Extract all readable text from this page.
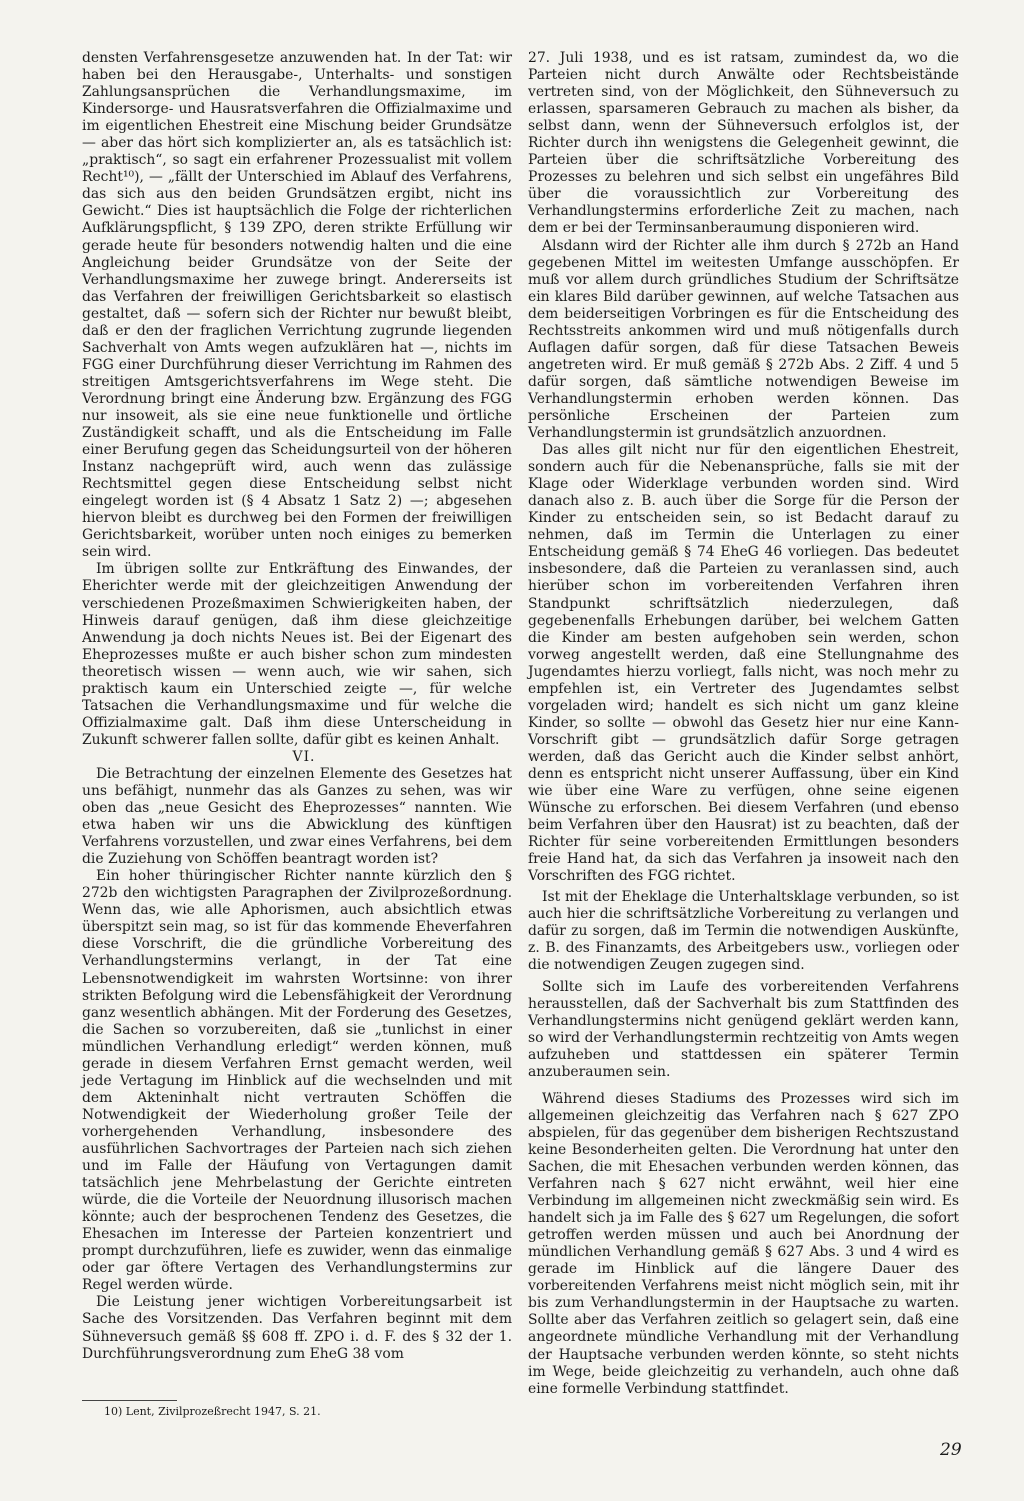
densten Verfahrensgesetze anzuwenden hat. In der Tat: wir haben bei den Herausgabe-, Unterhalts- und sonstigen Zahlungsansprüchen die Verhandlungsmaxime, im Kindersorge- und Hausratsverfahren die Offizialmaxime und im eigentlichen Ehestreit eine Mischung beider Grundsätze — aber das hört sich komplizierter an, als es tatsächlich ist: „praktisch“, so sagt ein erfahrener Prozessualist mit vollem Recht¹⁰), — „fällt der Unterschied im Ablauf des Verfahrens, das sich aus den beiden Grundsätzen ergibt, nicht ins Gewicht.“ Dies ist hauptsächlich die Folge der richterlichen Aufklärungspflicht, § 139 ZPO, deren strikte Erfüllung wir gerade heute für besonders notwendig halten und die eine Angleichung beider Grundsätze von der Seite der Verhandlungsmaxime her zuwege bringt. Andererseits ist das Verfahren der freiwilligen Gerichtsbarkeit so elastisch gestaltet, daß — sofern sich der Richter nur bewußt bleibt, daß er den der fraglichen Verrichtung zugrunde liegenden Sachverhalt von Amts wegen aufzuklären hat —, nichts im FGG einer Durchführung dieser Verrichtung im Rahmen des streitigen Amtsgerichtsverfahrens im Wege steht. Die Verordnung bringt eine Änderung bzw. Ergänzung des FGG nur insoweit, als sie eine neue funktionelle und örtliche Zuständigkeit schafft, und als die Entscheidung im Falle einer Berufung gegen das Scheidungsurteil von der höheren Instanz nachgeprüft wird, auch wenn das zulässige Rechtsmittel gegen diese Entscheidung selbst nicht eingelegt worden ist (§ 4 Absatz 1 Satz 2) —; abgesehen hiervon bleibt es durchweg bei den Formen der freiwilligen Gerichtsbarkeit, worüber unten noch einiges zu bemerken sein wird.

Im übrigen sollte zur Entkräftung des Einwandes, der Eherichter werde mit der gleichzeitigen Anwendung der verschiedenen Prozeßmaximen Schwierigkeiten haben, der Hinweis darauf genügen, daß ihm diese gleichzeitige Anwendung ja doch nichts Neues ist. Bei der Eigenart des Eheprozesses mußte er auch bisher schon zum mindesten theoretisch wissen — wenn auch, wie wir sahen, sich praktisch kaum ein Unterschied zeigte —, für welche Tatsachen die Verhandlungsmaxime und für welche die Offizialmaxime galt. Daß ihm diese Unterscheidung in Zukunft schwerer fallen sollte, dafür gibt es keinen Anhalt.

VI.

Die Betrachtung der einzelnen Elemente des Gesetzes hat uns befähigt, nunmehr das als Ganzes zu sehen, was wir oben das „neue Gesicht des Eheprozesses“ nannten. Wie etwa haben wir uns die Abwicklung des künftigen Verfahrens vorzustellen, und zwar eines Verfahrens, bei dem die Zuziehung von Schöffen beantragt worden ist?

Ein hoher thüringischer Richter nannte kürzlich den § 272b den wichtigsten Paragraphen der Zivilprozeßordnung. Wenn das, wie alle Aphorismen, auch absichtlich etwas überspitzt sein mag, so ist für das kommende Eheverfahren diese Vorschrift, die die gründliche Vorbereitung des Verhandlungstermins verlangt, in der Tat eine Lebensnotwendigkeit im wahrsten Wortsinne: von ihrer strikten Befolgung wird die Lebensfähigkeit der Verordnung ganz wesentlich abhängen. Mit der Forderung des Gesetzes, die Sachen so vorzubereiten, daß sie „tunlichst in einer mündlichen Verhandlung erledigt“ werden können, muß gerade in diesem Verfahren Ernst gemacht werden, weil jede Vertagung im Hinblick auf die wechselnden und mit dem Akteninhalt nicht vertrauten Schöffen die Notwendigkeit der Wiederholung großer Teile der vorhergehenden Verhandlung, insbesondere des ausführlichen Sachvortrages der Parteien nach sich ziehen und im Falle der Häufung von Vertagungen damit tatsächlich jene Mehrbelastung der Gerichte eintreten würde, die die Vorteile der Neuordnung illusorisch machen könnte; auch der besprochenen Tendenz des Gesetzes, die Ehesachen im Interesse der Parteien konzentriert und prompt durchzuführen, liefe es zuwider, wenn das einmalige oder gar öftere Vertagen des Verhandlungstermins zur Regel werden würde.

Die Leistung jener wichtigen Vorbereitungsarbeit ist Sache des Vorsitzenden. Das Verfahren beginnt mit dem Sühneversuch gemäß §§ 608 ff. ZPO i. d. F. des § 32 der 1. Durchführungsverordnung zum EheG 38 vom

27. Juli 1938, und es ist ratsam, zumindest da, wo die Parteien nicht durch Anwälte oder Rechtsbeistände vertreten sind, von der Möglichkeit, den Sühneversuch zu erlassen, sparsameren Gebrauch zu machen als bisher, da selbst dann, wenn der Sühneversuch erfolglos ist, der Richter durch ihn wenigstens die Gelegenheit gewinnt, die Parteien über die schriftsätzliche Vorbereitung des Prozesses zu belehren und sich selbst ein ungefähres Bild über die voraussichtlich zur Vorbereitung des Verhandlungstermins erforderliche Zeit zu machen, nach dem er bei der Terminsanberaumung disponieren wird.

Alsdann wird der Richter alle ihm durch § 272b an Hand gegebenen Mittel im weitesten Umfange ausschöpfen. Er muß vor allem durch gründliches Studium der Schriftsätze ein klares Bild darüber gewinnen, auf welche Tatsachen aus dem beiderseitigen Vorbringen es für die Entscheidung des Rechtsstreits ankommen wird und muß nötigenfalls durch Auflagen dafür sorgen, daß für diese Tatsachen Beweis angetreten wird. Er muß gemäß § 272b Abs. 2 Ziff. 4 und 5 dafür sorgen, daß sämtliche notwendigen Beweise im Verhandlungstermin erhoben werden können. Das persönliche Erscheinen der Parteien zum Verhandlungstermin ist grundsätzlich anzuordnen.

Das alles gilt nicht nur für den eigentlichen Ehestreit, sondern auch für die Nebenansprüche, falls sie mit der Klage oder Widerklage verbunden worden sind. Wird danach also z. B. auch über die Sorge für die Person der Kinder zu entscheiden sein, so ist Bedacht darauf zu nehmen, daß im Termin die Unterlagen zu einer Entscheidung gemäß § 74 EheG 46 vorliegen. Das bedeutet insbesondere, daß die Parteien zu veranlassen sind, auch hierüber schon im vorbereitenden Verfahren ihren Standpunkt schriftsätzlich niederzulegen, daß gegebenenfalls Erhebungen darüber, bei welchem Gatten die Kinder am besten aufgehoben sein werden, schon vorweg angestellt werden, daß eine Stellungnahme des Jugendamtes hierzu vorliegt, falls nicht, was noch mehr zu empfehlen ist, ein Vertreter des Jugendamtes selbst vorgeladen wird; handelt es sich nicht um ganz kleine Kinder, so sollte — obwohl das Gesetz hier nur eine Kann-Vorschrift gibt — grundsätzlich dafür Sorge getragen werden, daß das Gericht auch die Kinder selbst anhört, denn es entspricht nicht unserer Auffassung, über ein Kind wie über eine Ware zu verfügen, ohne seine eigenen Wünsche zu erforschen. Bei diesem Verfahren (und ebenso beim Verfahren über den Hausrat) ist zu beachten, daß der Richter für seine vorbereitenden Ermittlungen besonders freie Hand hat, da sich das Verfahren ja insoweit nach den Vorschriften des FGG richtet.

Ist mit der Eheklage die Unterhaltsklage verbunden, so ist auch hier die schriftsätzliche Vorbereitung zu verlangen und dafür zu sorgen, daß im Termin die notwendigen Auskünfte, z. B. des Finanzamts, des Arbeitgebers usw., vorliegen oder die notwendigen Zeugen zugegen sind.

Sollte sich im Laufe des vorbereitenden Verfahrens herausstellen, daß der Sachverhalt bis zum Stattfinden des Verhandlungstermins nicht genügend geklärt werden kann, so wird der Verhandlungstermin rechtzeitig von Amts wegen aufzuheben und stattdessen ein späterer Termin anzuberaumen sein.

Während dieses Stadiums des Prozesses wird sich im allgemeinen gleichzeitig das Verfahren nach § 627 ZPO abspielen, für das gegenüber dem bisherigen Rechtszustand keine Besonderheiten gelten. Die Verordnung hat unter den Sachen, die mit Ehesachen verbunden werden können, das Verfahren nach § 627 nicht erwähnt, weil hier eine Verbindung im allgemeinen nicht zweckmäßig sein wird. Es handelt sich ja im Falle des § 627 um Regelungen, die sofort getroffen werden müssen und auch bei Anordnung der mündlichen Verhandlung gemäß § 627 Abs. 3 und 4 wird es gerade im Hinblick auf die längere Dauer des vorbereitenden Verfahrens meist nicht möglich sein, mit ihr bis zum Verhandlungstermin in der Hauptsache zu warten. Sollte aber das Verfahren zeitlich so gelagert sein, daß eine angeordnete mündliche Verhandlung mit der Verhandlung der Hauptsache verbunden werden könnte, so steht nichts im Wege, beide gleichzeitig zu verhandeln, auch ohne daß eine formelle Verbindung stattfindet.

10) Lent, Zivilprozeßrecht 1947, S. 21.
29
